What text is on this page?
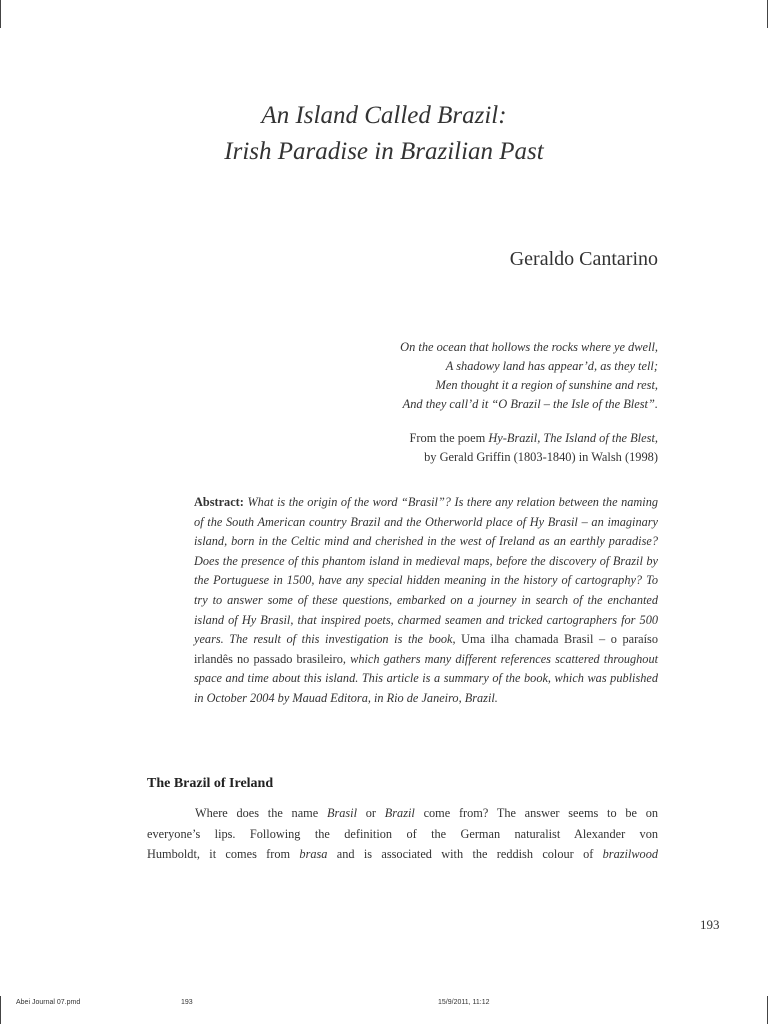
An Island Called Brazil:
Irish Paradise in Brazilian Past
Geraldo Cantarino
On the ocean that hollows the rocks where ye dwell,
A shadowy land has appear’d, as they tell;
Men thought it a region of sunshine and rest,
And they call’d it “O Brazil – the Isle of the Blest”.
From the poem Hy-Brazil, The Island of the Blest,
by Gerald Griffin (1803-1840) in Walsh (1998)
Abstract: What is the origin of the word “Brasil”? Is there any relation between the naming of the South American country Brazil and the Otherworld place of Hy Brasil – an imaginary island, born in the Celtic mind and cherished in the west of Ireland as an earthly paradise? Does the presence of this phantom island in medieval maps, before the discovery of Brazil by the Portuguese in 1500, have any special hidden meaning in the history of cartography? To try to answer some of these questions, embarked on a journey in search of the enchanted island of Hy Brasil, that inspired poets, charmed seamen and tricked cartographers for 500 years. The result of this investigation is the book, Uma ilha chamada Brasil – o paraíso irlandês no passado brasileiro, which gathers many different references scattered throughout space and time about this island. This article is a summary of the book, which was published in October 2004 by Mauad Editora, in Rio de Janeiro, Brazil.
The Brazil of Ireland
Where does the name Brasil or Brazil come from? The answer seems to be on
everyone’s lips. Following the definition of the German naturalist Alexander von
Humboldt, it comes from brasa and is associated with the reddish colour of brazilwood
193
Abei Journal 07.pmd	193	15/9/2011, 11:12
